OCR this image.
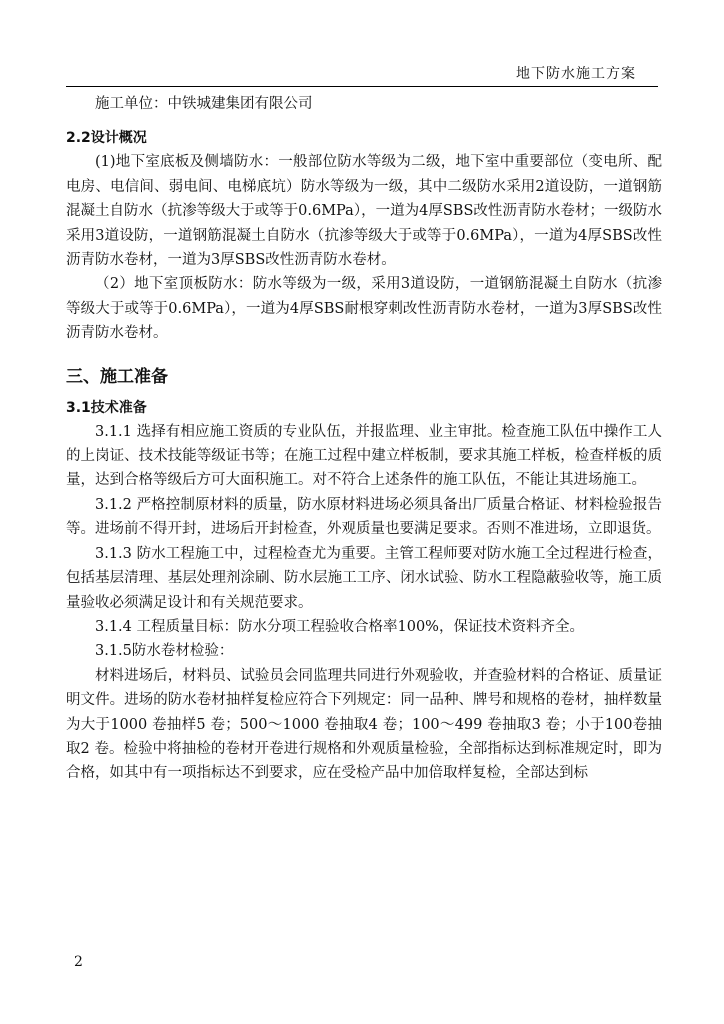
地下防水施工方案

施工单位：中铁城建集团有限公司

2.2设计概况

(1)地下室底板及侧墙防水：一般部位防水等级为二级，地下室中重要部位（变电所、配电房、电信间、弱电间、电梯底坑）防水等级为一级，其中二级防水采用2道设防，一道钢筋混凝土自防水（抗渗等级大于或等于0.6MPa），一道为4厚SBS改性沥青防水卷材；一级防水采用3道设防，一道钢筋混凝土自防水（抗渗等级大于或等于0.6MPa），一道为4厚SBS改性沥青防水卷材，一道为3厚SBS改性沥青防水卷材。

（2）地下室顶板防水：防水等级为一级，采用3道设防，一道钢筋混凝土自防水（抗渗等级大于或等于0.6MPa），一道为4厚SBS耐根穿刺改性沥青防水卷材，一道为3厚SBS改性沥青防水卷材。

三、施工准备
3.1技术准备

3.1.1 选择有相应施工资质的专业队伍，并报监理、业主审批。检查施工队伍中操作工人的上岗证、技术技能等级证书等；在施工过程中建立样板制，要求其施工样板，检查样板的质量，达到合格等级后方可大面积施工。对不符合上述条件的施工队伍，不能让其进场施工。

3.1.2 严格控制原材料的质量，防水原材料进场必须具备出厂质量合格证、材料检验报告等。进场前不得开封，进场后开封检查，外观质量也要满足要求。否则不准进场，立即退货。

3.1.3 防水工程施工中，过程检查尤为重要。主管工程师要对防水施工全过程进行检查，包括基层清理、基层处理剂涂刷、防水层施工工序、闭水试验、防水工程隐蔽验收等，施工质量验收必须满足设计和有关规范要求。

3.1.4 工程质量目标：防水分项工程验收合格率100%，保证技术资料齐全。

3.1.5防水卷材检验：

材料进场后，材料员、试验员会同监理共同进行外观验收，并查验材料的合格证、质量证明文件。进场的防水卷材抽样复检应符合下列规定：同一品种、牌号和规格的卷材，抽样数量为大于1000 卷抽样5 卷；500～1000 卷抽取4 卷；100～499 卷抽取3 卷；小于100卷抽取2 卷。检验中将抽检的卷材开卷进行规格和外观质量检验，全部指标达到标准规定时，即为合格，如其中有一项指标达不到要求，应在受检产品中加倍取样复检，全部达到标

2
